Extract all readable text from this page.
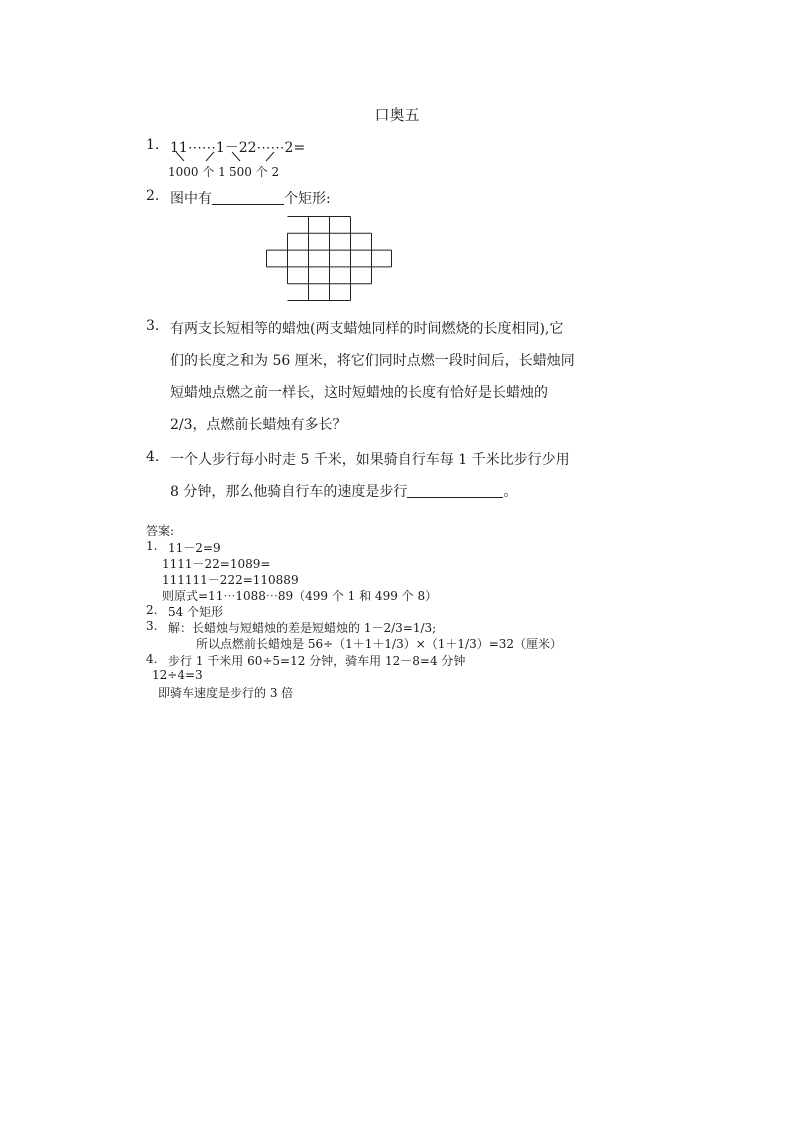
口奥五
1. 11⋯⋯1－22⋯⋯2=
1000 个 1 500 个 2
2. 图中有	个矩形:
3. 有两支长短相等的蜡烛(两支蜡烛同样的时间燃烧的长度相同),它
们的长度之和为 56 厘米，将它们同时点燃一段时间后，长蜡烛同
短蜡烛点燃之前一样长，这时短蜡烛的长度有恰好是长蜡烛的
2/3，点燃前长蜡烛有多长？
4. 一个人步行每小时走 5 千米，如果骑自行车每 1 千米比步行少用
8 分钟，那么他骑自行车的速度是步行	。
答案:
1. 11－2=9
1111－22=1089=
111111－222=110889
则原式=11⋯1088⋯89（499 个 1 和 499 个 8）
2. 54 个矩形
3. 解：长蜡烛与短蜡烛的差是短蜡烛的 1－2/3=1/3;
所以点燃前长蜡烛是 56÷（1＋1＋1/3）×（1＋1/3）=32（厘米）
4. 步行 1 千米用 60÷5=12 分钟，骑车用 12－8=4 分钟
12÷4=3
即骑车速度是步行的 3 倍
